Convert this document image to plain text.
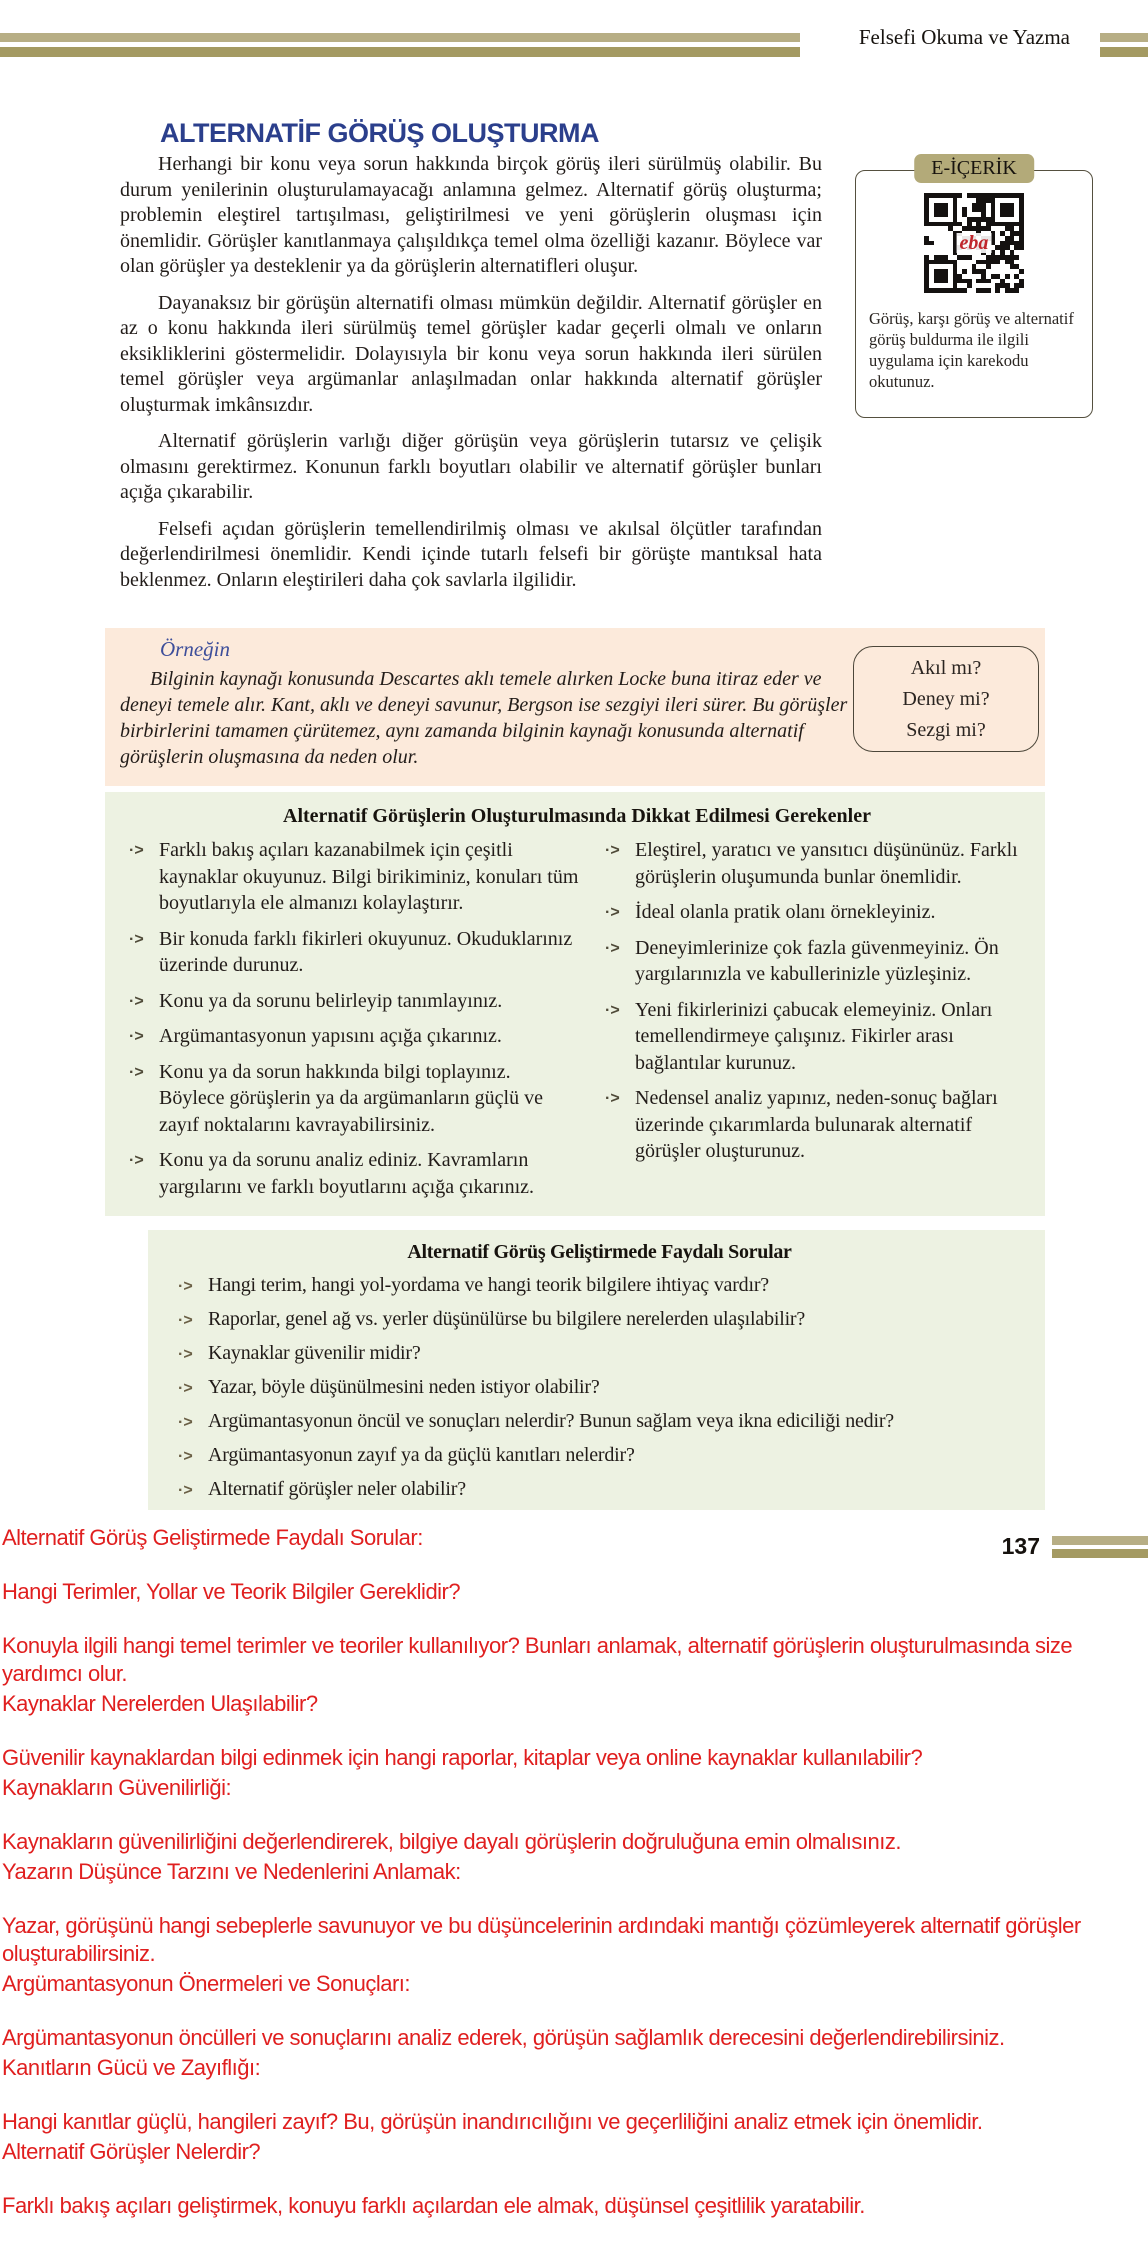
Felsefi Okuma ve Yazma
ALTERNATİF GÖRÜŞ OLUŞTURMA

Herhangi bir konu veya sorun hakkında birçok görüş ileri sürülmüş olabilir. Bu durum yenilerinin oluşturulamayacağı anlamına gelmez. Alternatif görüş oluşturma; problemin eleştirel tartışılması, geliştirilmesi ve yeni görüşlerin oluşması için önemlidir. Görüşler kanıtlanmaya çalışıldıkça temel olma özelliği kazanır. Böylece var olan görüşler ya desteklenir ya da görüşlerin alternatifleri oluşur.

Dayanaksız bir görüşün alternatifi olması mümkün değildir. Alternatif görüşler en az o konu hakkında ileri sürülmüş temel görüşler kadar geçerli olmalı ve onların eksikliklerini göstermelidir. Dolayısıyla bir konu veya sorun hakkında ileri sürülen temel görüşler veya argümanlar anlaşılmadan onlar hakkında alternatif görüşler oluşturmak imkânsızdır.

Alternatif görüşlerin varlığı diğer görüşün veya görüşlerin tutarsız ve çelişik olmasını gerektirmez. Konunun farklı boyutları olabilir ve alternatif görüşler bunları açığa çıkarabilir.

Felsefi açıdan görüşlerin temellendirilmiş olması ve akılsal ölçütler tarafından değerlendirilmesi önemlidir. Kendi içinde tutarlı felsefi bir görüşte mantıksal hata beklenmez. Onların eleştirileri daha çok savlarla ilgilidir.

E-İÇERİK
eba

Görüş, karşı görüş ve alternatif görüş buldurma ile ilgili uygulama için karekodu okutunuz.

Örneğin

Bilginin kaynağı konusunda Descartes aklı temele alırken Locke buna itiraz eder ve deneyi temele alır. Kant, aklı ve deneyi savunur, Bergson ise sezgiyi ileri sürer. Bu görüşler birbirlerini tamamen çürütemez, aynı zamanda bilginin kaynağı konusunda alternatif görüşlerin oluşmasına da neden olur.

Akıl mı?
Deney mi?
Sezgi mi?
Alternatif Görüşlerin Oluşturulmasında Dikkat Edilmesi Gerekenler
·> Farklı bakış açıları kazanabilmek için çeşitli kaynaklar okuyunuz. Bilgi birikiminiz, konuları tüm boyutlarıyla ele almanızı kolaylaştırır.
·> Bir konuda farklı fikirleri okuyunuz. Okuduklarınız üzerinde durunuz.
·> Konu ya da sorunu belirleyip tanımlayınız.
·> Argümantasyonun yapısını açığa çıkarınız.
·> Konu ya da sorun hakkında bilgi toplayınız. Böylece görüşlerin ya da argümanların güçlü ve zayıf noktalarını kavrayabilirsiniz.
·> Konu ya da sorunu analiz ediniz. Kavramların yargılarını ve farklı boyutlarını açığa çıkarınız.
·> Eleştirel, yaratıcı ve yansıtıcı düşününüz. Farklı görüşlerin oluşumunda bunlar önemlidir.
·> İdeal olanla pratik olanı örnekleyiniz.
·> Deneyimlerinize çok fazla güvenmeyiniz. Ön yargılarınızla ve kabullerinizle yüzleşiniz.
·> Yeni fikirlerinizi çabucak elemeyiniz. Onları temellendirmeye çalışınız. Fikirler arası bağlantılar kurunuz.
·> Nedensel analiz yapınız, neden-sonuç bağları üzerinde çıkarımlarda bulunarak alternatif görüşler oluşturunuz.
Alternatif Görüş Geliştirmede Faydalı Sorular
·> Hangi terim, hangi yol-yordama ve hangi teorik bilgilere ihtiyaç vardır?
·> Raporlar, genel ağ vs. yerler düşünülürse bu bilgilere nerelerden ulaşılabilir?
·> Kaynaklar güvenilir midir?
·> Yazar, böyle düşünülmesini neden istiyor olabilir?
·> Argümantasyonun öncül ve sonuçları nelerdir? Bunun sağlam veya ikna ediciliği nedir?
·> Argümantasyonun zayıf ya da güçlü kanıtları nelerdir?
·> Alternatif görüşler neler olabilir?
137
Alternatif Görüş Geliştirmede Faydalı Sorular:
Hangi Terimler, Yollar ve Teorik Bilgiler Gereklidir?
Konuyla ilgili hangi temel terimler ve teoriler kullanılıyor? Bunları anlamak, alternatif görüşlerin oluşturulmasında size yardımcı olur.
Kaynaklar Nerelerden Ulaşılabilir?
Güvenilir kaynaklardan bilgi edinmek için hangi raporlar, kitaplar veya online kaynaklar kullanılabilir?
Kaynakların Güvenilirliği:
Kaynakların güvenilirliğini değerlendirerek, bilgiye dayalı görüşlerin doğruluğuna emin olmalısınız.
Yazarın Düşünce Tarzını ve Nedenlerini Anlamak:
Yazar, görüşünü hangi sebeplerle savunuyor ve bu düşüncelerinin ardındaki mantığı çözümleyerek alternatif görüşler oluşturabilirsiniz.
Argümantasyonun Önermeleri ve Sonuçları:
Argümantasyonun öncülleri ve sonuçlarını analiz ederek, görüşün sağlamlık derecesini değerlendirebilirsiniz.
Kanıtların Gücü ve Zayıflığı:
Hangi kanıtlar güçlü, hangileri zayıf? Bu, görüşün inandırıcılığını ve geçerliliğini analiz etmek için önemlidir.
Alternatif Görüşler Nelerdir?
Farklı bakış açıları geliştirmek, konuyu farklı açılardan ele almak, düşünsel çeşitlilik yaratabilir.
